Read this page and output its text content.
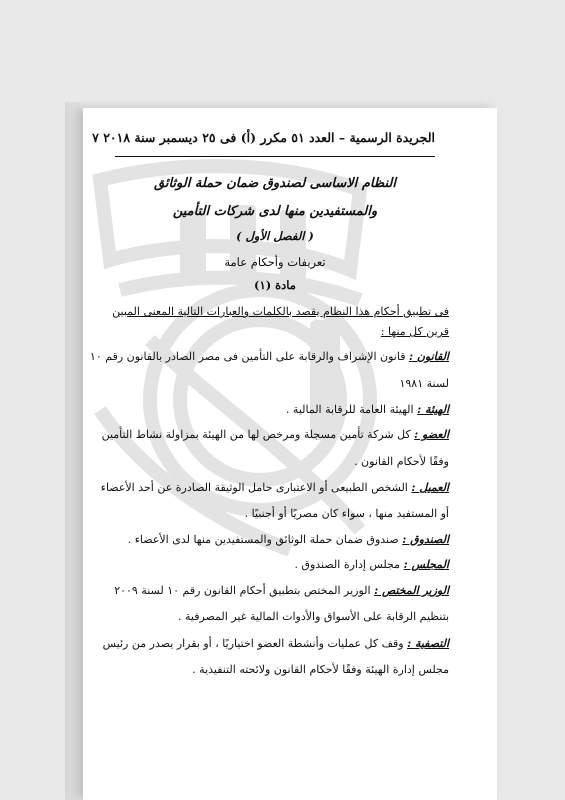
الجريدة الرسمية – العدد ٥١ مكرر (أ) فى ٢٥ ديسمبر سنة ٢٠١٨ ٧
النظام الاساسى لصندوق ضمان حملة الوثائق
والمستفيدين منها لدى شركات التأمين
( الفصل الأول )
تعريفات وأحكام عامة
مادة (١)
فى تطبيق أحكام هذا النظام يقصد بالكلمات والعبارات التالية المعنى المبين
قرين كل منها :
القانون : قانون الإشراف والرقابة على التأمين فى مصر الصادر بالقانون رقم ١٠
لسنة ١٩٨١
الهيئة : الهيئة العامة للرقابة المالية .
العضو : كل شركة تأمين مسجلة ومرخص لها من الهيئة بمزاولة نشاط التأمين
وفقًا لأحكام القانون .
العميل : الشخص الطبيعى أو الاعتبارى حامل الوثيقة الصادرة عن أحد الأعضاء
أو المستفيد منها ، سواء كان مصريًا أو أجنبيًا .
الصندوق : صندوق ضمان حملة الوثائق والمستفيدين منها لدى الأعضاء .
المجلس : مجلس إدارة الصندوق .
الوزير المختص : الوزير المختص بتطبيق أحكام القانون رقم ١٠ لسنة ٢٠٠٩
بتنظيم الرقابة على الأسواق والأدوات المالية غير المصرفية .
التصفية : وقف كل عمليات وأنشطة العضو اختياريًا ، أو بقرار يصدر من رئيس
مجلس إدارة الهيئة وفقًا لأحكام القانون ولائحته التنفيذية .
